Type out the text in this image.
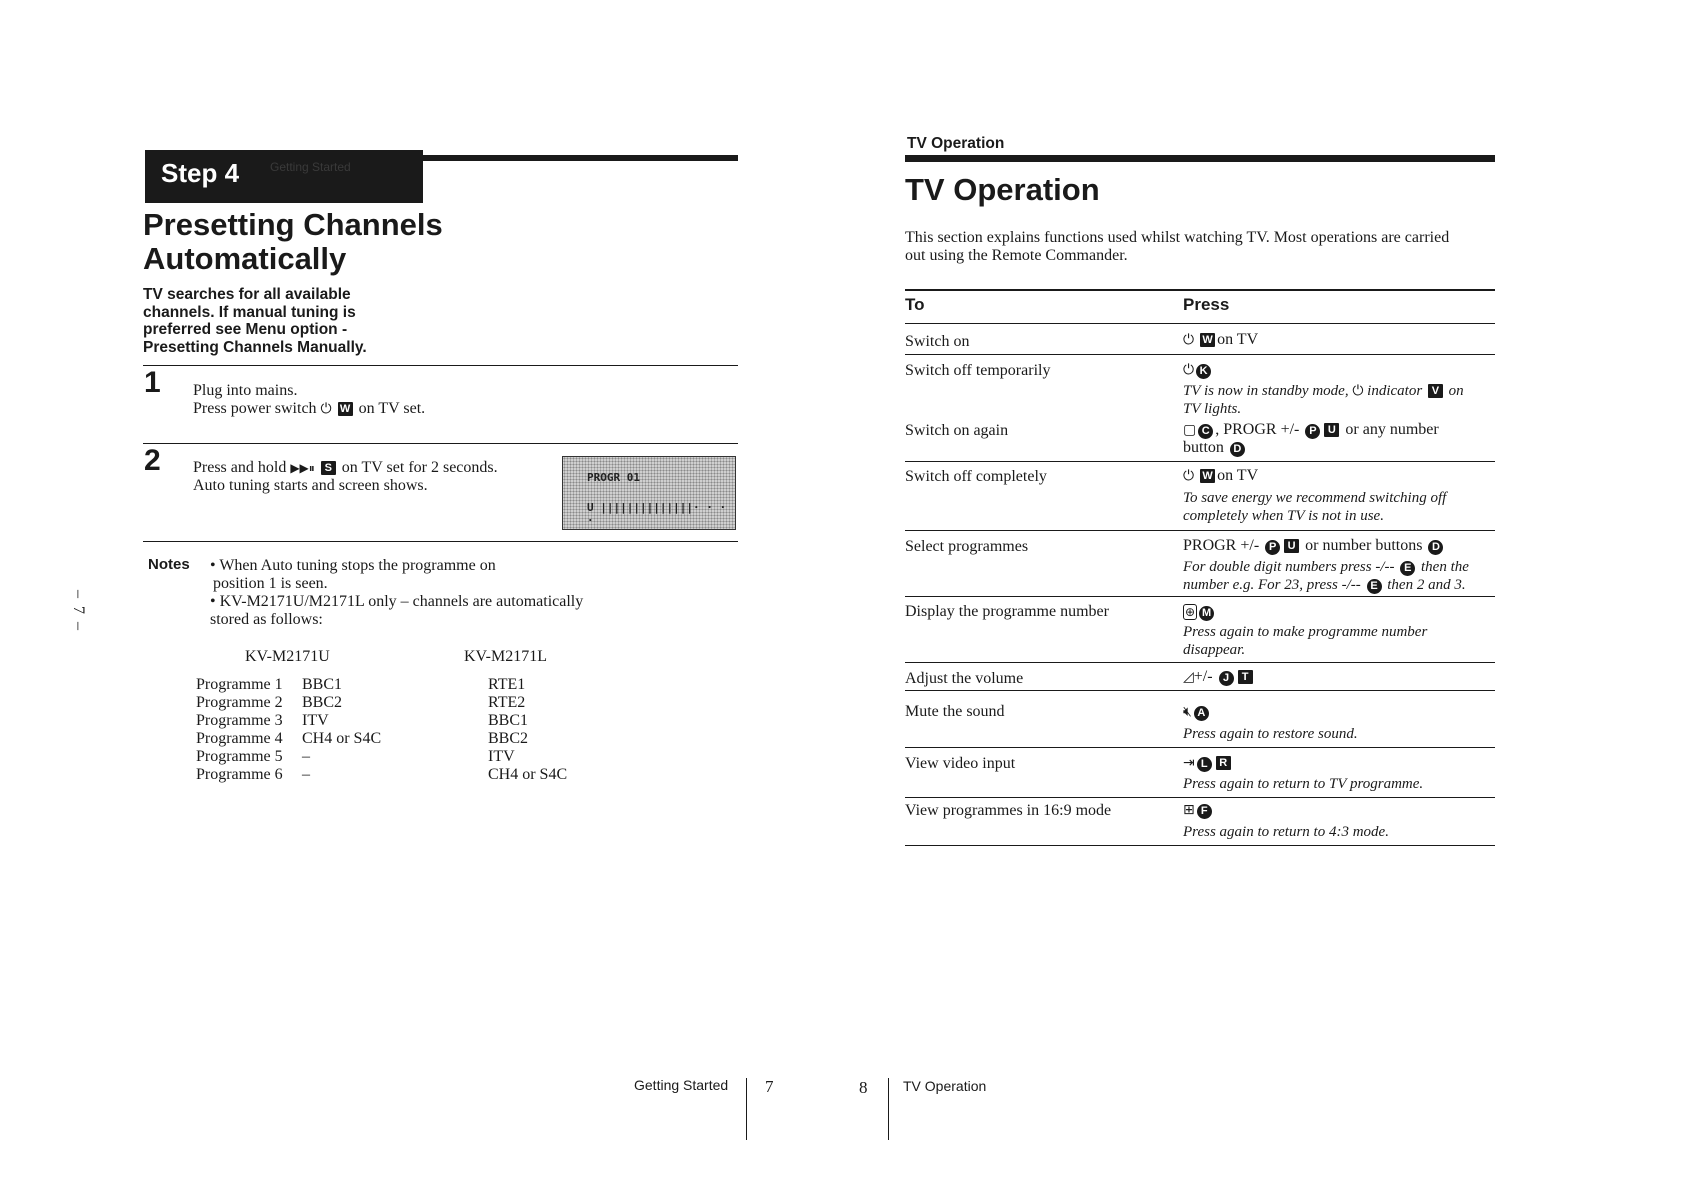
Step 4	Getting Started
Presetting Channels
Automatically
TV searches for all available
channels. If manual tuning is
preferred see Menu option -
Presetting Channels Manually.
1 Plug into mains.
Press power switch ⏻ W on TV set.
2 Press and hold ▶▶⏸ S on TV set for 2 seconds.
Auto tuning starts and screen shows.	PROGR 01
U ||||||||||||||· · · ·
Notes • When Auto tuning stops the programme on
position 1 is seen.
• KV-M2171U/M2171L only – channels are automatically
stored as follows:
KV-M2171U	KV-M2171L
Programme 1
Programme 2
Programme 3
Programme 4
Programme 5
Programme 6
BBC1
BBC2
ITV
CH4 or S4C
–
–
RTE1
RTE2
BBC1
BBC2
ITV
CH4 or S4C
– 7 –
Getting Started 7
TV Operation
TV Operation
This section explains functions used whilst watching TV. Most operations are carried
out using the Remote Commander.
To	Press
Switch on	⏻ W on TV
Switch off temporarily	⏻ K
TV is now in standby mode, ⏻ indicator V on
TV lights.
Switch on again	▢ C , PROGR +/- P U or any number
button D
Switch off completely	⏻ W on TV
To save energy we recommend switching off
completely when TV is not in use.
Select programmes	PROGR +/- P U or number buttons D
For double digit numbers press -/-- E then the
number e.g. For 23, press -/-- E then 2 and 3.
Display the programme number	⊕ M
Press again to make programme number
disappear.
Adjust the volume	◿+/- J T
Mute the sound	🔇︎ A
Press again to restore sound.
View video input	⇥ L R
Press again to return to TV programme.
View programmes in 16:9 mode	⊞ F
Press again to return to 4:3 mode.
8	TV Operation
